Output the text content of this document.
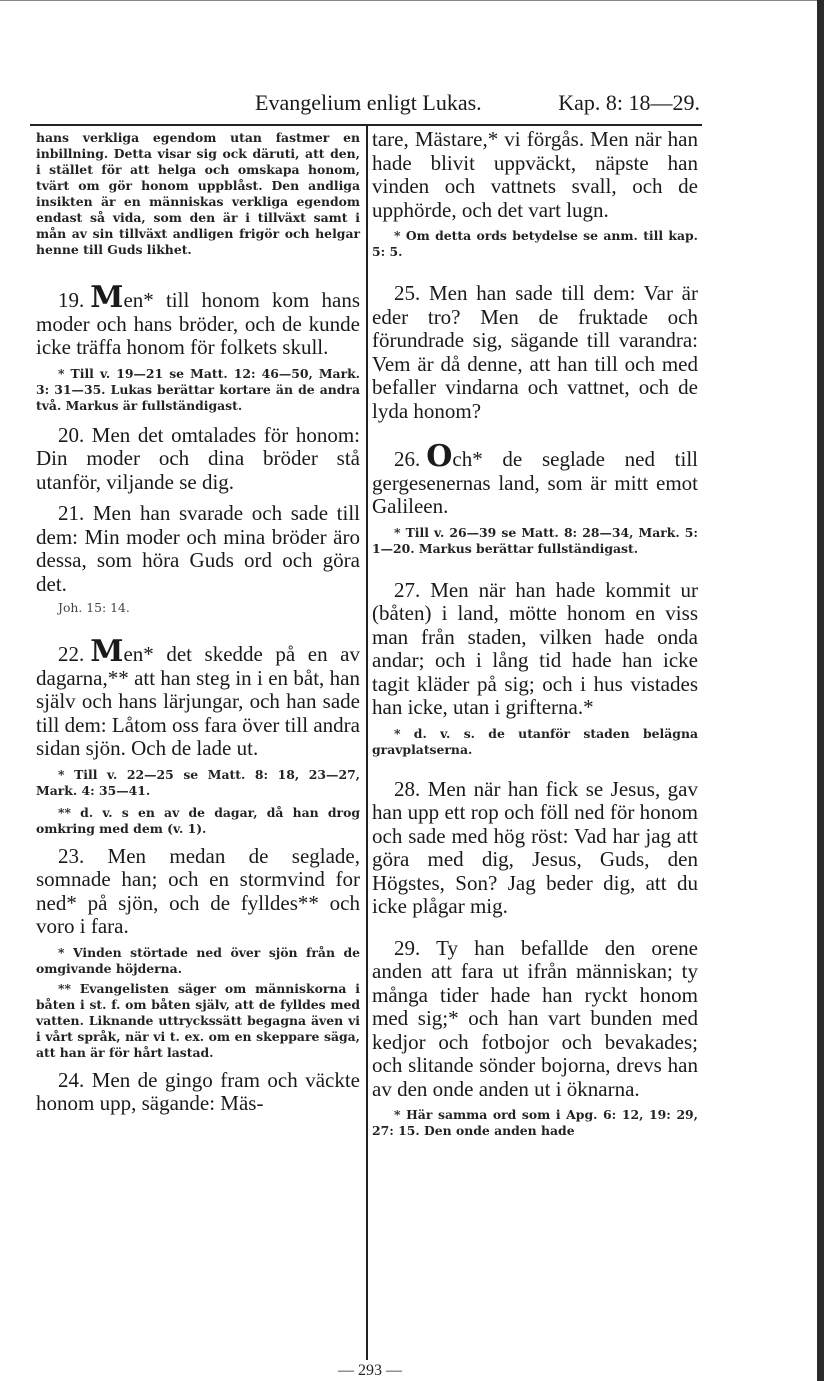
Evangelium enligt Lukas.	Kap. 8: 18—29.

hans verkliga egendom utan fastmer en inbillning. Detta visar sig ock däruti, att den, i stället för att helga och omskapa honom, tvärt om gör honom uppblåst. Den andliga insikten är en människas verkliga egendom endast så vida, som den är i tillväxt samt i mån av sin tillväxt andligen frigör och helgar henne till Guds likhet.

19. Men* till honom kom hans moder och hans bröder, och de kunde icke träffa honom för folkets skull.

* Till v. 19—21 se Matt. 12: 46—50, Mark. 3: 31—35. Lukas berättar kortare än de andra två. Markus är fullständigast.

20. Men det omtalades för honom: Din moder och dina bröder stå utanför, viljande se dig.

21. Men han svarade och sade till dem: Min moder och mina bröder äro dessa, som höra Guds ord och göra det.

Joh. 15: 14.

22. Men* det skedde på en av dagarna,** att han steg in i en båt, han själv och hans lärjungar, och han sade till dem: Låtom oss fara över till andra sidan sjön. Och de lade ut.

* Till v. 22—25 se Matt. 8: 18, 23—27, Mark. 4: 35—41.

** d. v. s en av de dagar, då han drog omkring med dem (v. 1).

23. Men medan de seglade, somnade han; och en stormvind for ned* på sjön, och de fylldes** och voro i fara.

* Vinden störtade ned över sjön från de omgivande höjderna.

** Evangelisten säger om människorna i båten i st. f. om båten själv, att de fylldes med vatten. Liknande uttryckssätt begagna även vi i vårt språk, när vi t. ex. om en skeppare säga, att han är för hårt lastad.

24. Men de gingo fram och väckte honom upp, sägande: Mäs-

tare, Mästare,* vi förgås. Men när han hade blivit uppväckt, näpste han vinden och vattnets svall, och de upphörde, och det vart lugn.

* Om detta ords betydelse se anm. till kap. 5: 5.

25. Men han sade till dem: Var är eder tro? Men de fruktade och förundrade sig, sägande till varandra: Vem är då denne, att han till och med befaller vindarna och vattnet, och de lyda honom?

26. Och* de seglade ned till gergesenernas land, som är mitt emot Galileen.

* Till v. 26—39 se Matt. 8: 28—34, Mark. 5: 1—20. Markus berättar fullständigast.

27. Men när han hade kommit ur (båten) i land, mötte honom en viss man från staden, vilken hade onda andar; och i lång tid hade han icke tagit kläder på sig; och i hus vistades han icke, utan i grifterna.*

* d. v. s. de utanför staden belägna gravplatserna.

28. Men när han fick se Jesus, gav han upp ett rop och föll ned för honom och sade med hög röst: Vad har jag att göra med dig, Jesus, Guds, den Högstes, Son? Jag beder dig, att du icke plågar mig.

29. Ty han befallde den orene anden att fara ut ifrån människan; ty många tider hade han ryckt honom med sig;* och han vart bunden med kedjor och fotbojor och bevakades; och slitande sönder bojorna, drevs han av den onde anden ut i öknarna.

* Här samma ord som i Apg. 6: 12, 19: 29, 27: 15. Den onde anden hade

— 293 —
